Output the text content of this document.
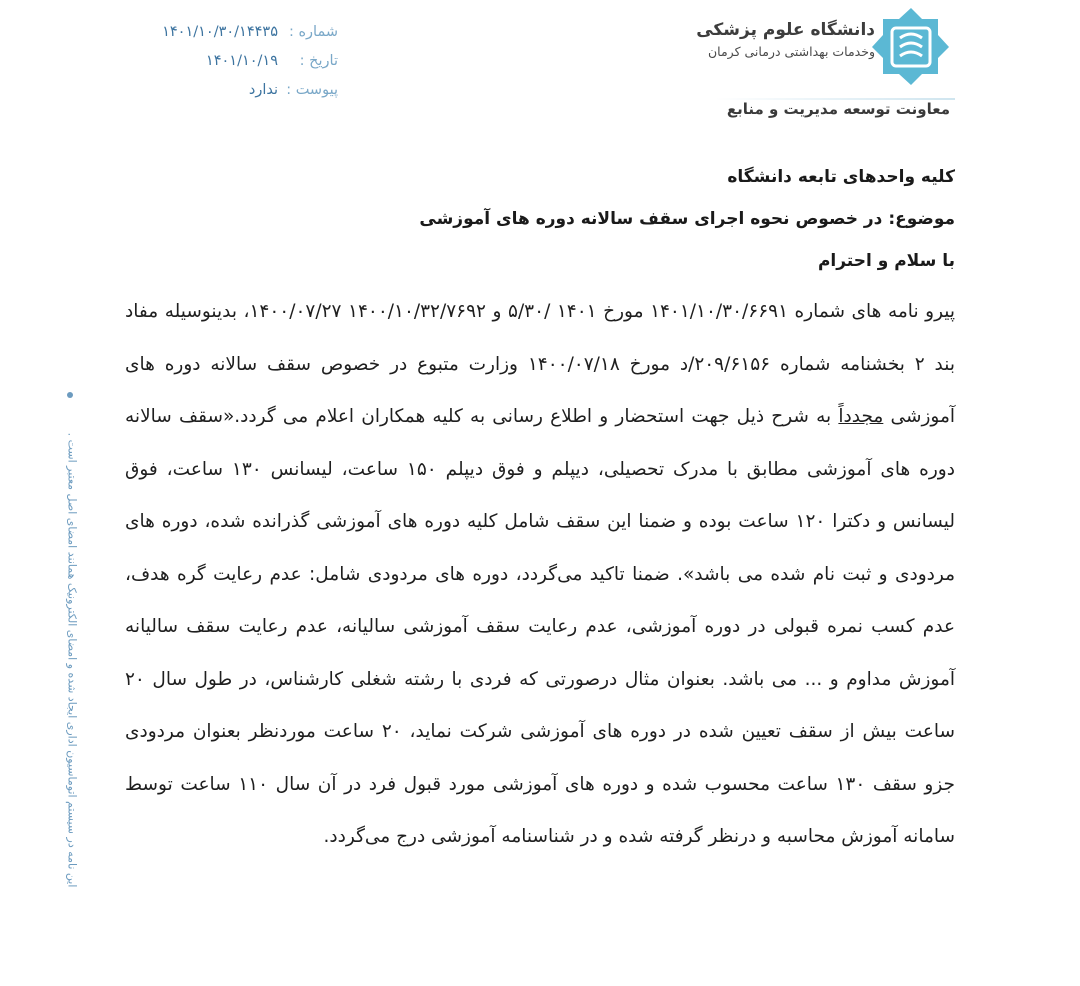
شماره :
۱۴۰۱/۱۰/۳۰/۱۴۴۳۵
تاریخ :
۱۴۰۱/۱۰/۱۹
پیوست :
ندارد
دانشگاه علوم پزشکی
وخدمات بهداشتی درمانی کرمان
معاونت توسعه مدیریت و منابع
این نامه در سیستم اتوماسیون اداری ایجاد شده و امضای الکترونیک همانند امضای اصل معتبر است .

کلیه واحدهای تابعه دانشگاه

موضوع: در خصوص نحوه اجرای سقف سالانه دوره های آموزشی

با سلام و احترام

پیرو نامه های شماره ۱۴۰۱/۱۰/۳۰/۶۶۹۱ مورخ ۱۴۰۱ /۵/۳۰ و ۱۴۰۰/۱۰/۳۲/۷۶۹۲ ۱۴۰۰/۰۷/۲۷، بدینوسیله مفاد بند ۲ بخشنامه شماره ۲۰۹/۶۱۵۶/د مورخ ۱۴۰۰/۰۷/۱۸ وزارت متبوع در خصوص سقف سالانه دوره های آموزشی مجدداً به شرح ذیل جهت استحضار و اطلاع رسانی به کلیه همکاران اعلام می گردد.«سقف سالانه دوره های آموزشی مطابق با مدرک تحصیلی، دیپلم و فوق دیپلم ۱۵۰ ساعت، لیسانس ۱۳۰ ساعت، فوق لیسانس و دکترا ۱۲۰ ساعت بوده و ضمنا این سقف شامل کلیه دوره های آموزشی گذرانده شده، دوره های مردودی و ثبت نام شده می باشد». ضمنا تاکید می‌گردد، دوره های مردودی شامل: عدم رعایت گره هدف، عدم کسب نمره قبولی در دوره آموزشی، عدم رعایت سقف آموزشی سالیانه، عدم رعایت سقف سالیانه آموزش مداوم و ... می باشد. بعنوان مثال درصورتی که فردی با رشته شغلی کارشناس، در طول سال ۲۰ ساعت بیش از سقف تعیین شده در دوره های آموزشی شرکت نماید، ۲۰ ساعت مورد‌نظر بعنوان مردودی جزو سقف ۱۳۰ ساعت محسوب شده و دوره های آموزشی مورد قبول فرد در آن سال ۱۱۰ ساعت توسط سامانه آموزش محاسبه و درنظر گرفته شده و در شناسنامه آموزشی درج می‌گردد.
